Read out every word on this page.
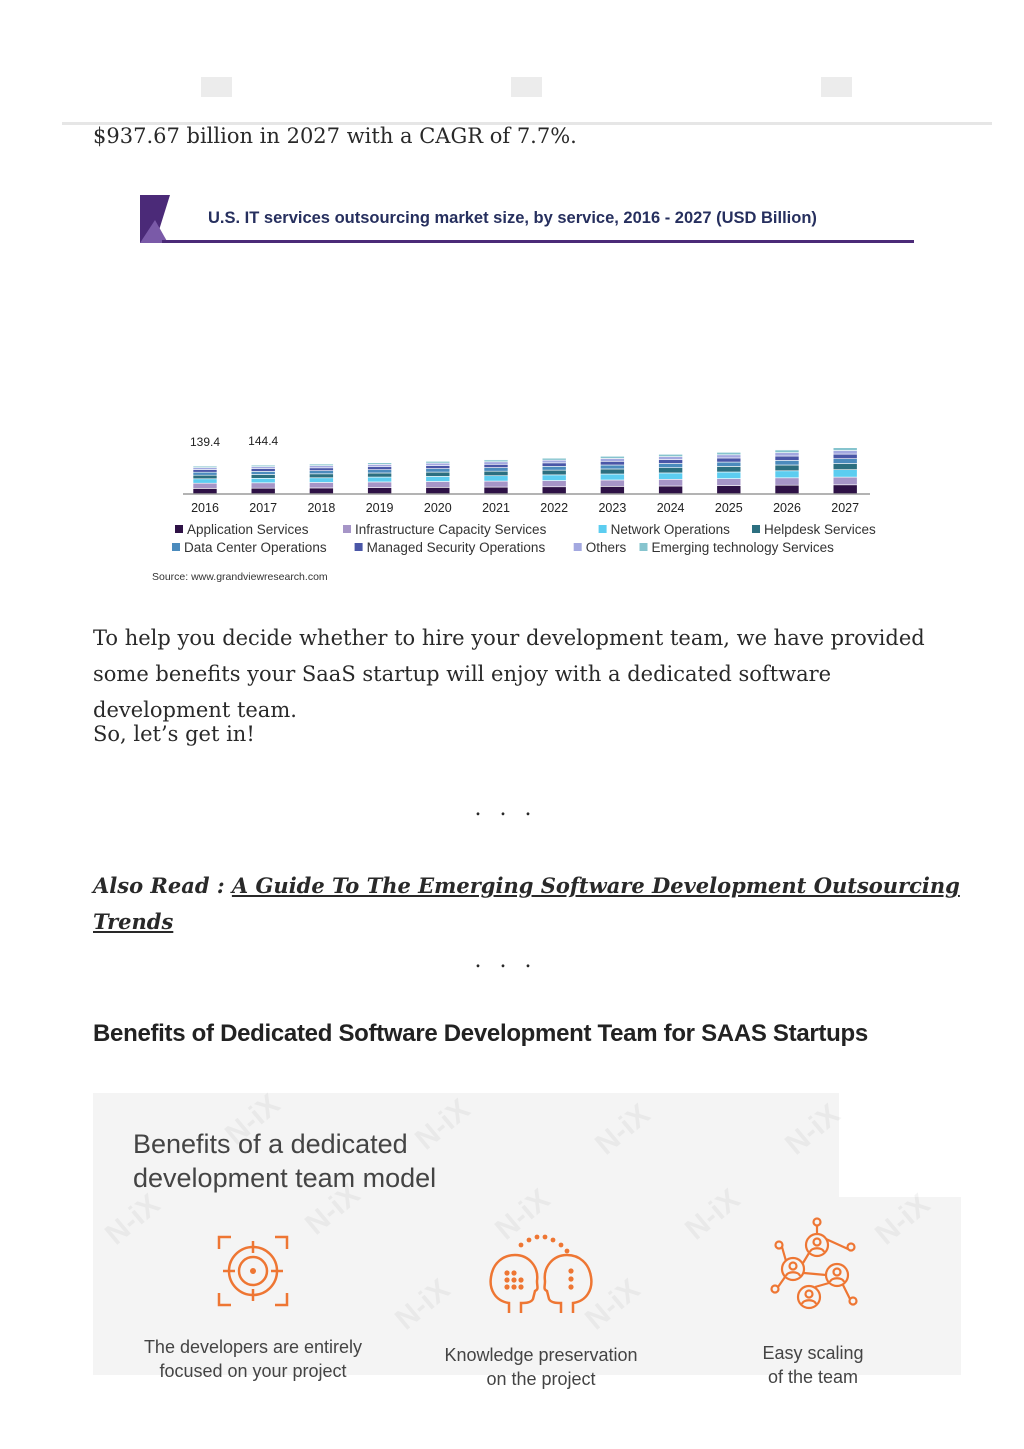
$937.67 billion in 2027 with a CAGR of 7.7%.

U.S. IT services outsourcing market size, by service, 2016 - 2027 (USD Billion)
2016 2017 2018 2019 2020 2021 2022 2023 2024 2025 2026 2027
139.4 144.4
Application Services	Infrastructure Capacity Services	Network Operations	Helpdesk Services
Data Center Operations	Managed Security Operations	Others Emerging technology Services
Source: www.grandviewresearch.com

To help you decide whether to hire your development team, we have provided some benefits your SaaS startup will enjoy with a dedicated software development team.

So, let’s get in!

...
Also Read : A Guide To The Emerging Software Development Outsourcing Trends
...
Benefits of Dedicated Software Development Team for SAAS Startups

Benefits of a dedicated
development team model

The developers are entirely
focused on your project
Knowledge preservation
on the project
Easy scaling
of the team
